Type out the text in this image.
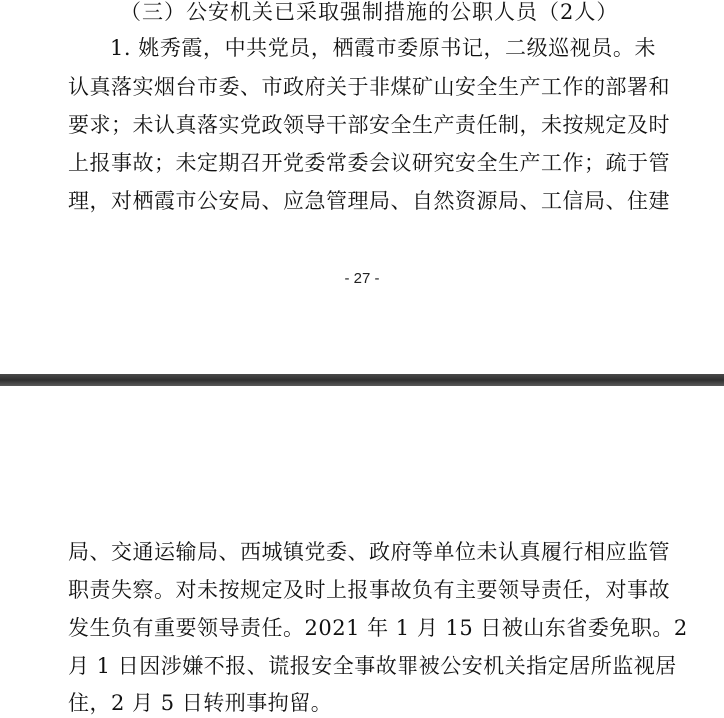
（三）公安机关已采取强制措施的公职人员（2人）
1. 姚秀霞，中共党员，栖霞市委原书记，二级巡视员。未
认真落实烟台市委、市政府关于非煤矿山安全生产工作的部署和
要求；未认真落实党政领导干部安全生产责任制，未按规定及时
上报事故；未定期召开党委常委会议研究安全生产工作；疏于管
理，对栖霞市公安局、应急管理局、自然资源局、工信局、住建
- 27 -
局、交通运输局、西城镇党委、政府等单位未认真履行相应监管
职责失察。对未按规定及时上报事故负有主要领导责任，对事故
发生负有重要领导责任。2021 年 1 月 15 日被山东省委免职。2
月 1 日因涉嫌不报、谎报安全事故罪被公安机关指定居所监视居
住，2 月 5 日转刑事拘留。
